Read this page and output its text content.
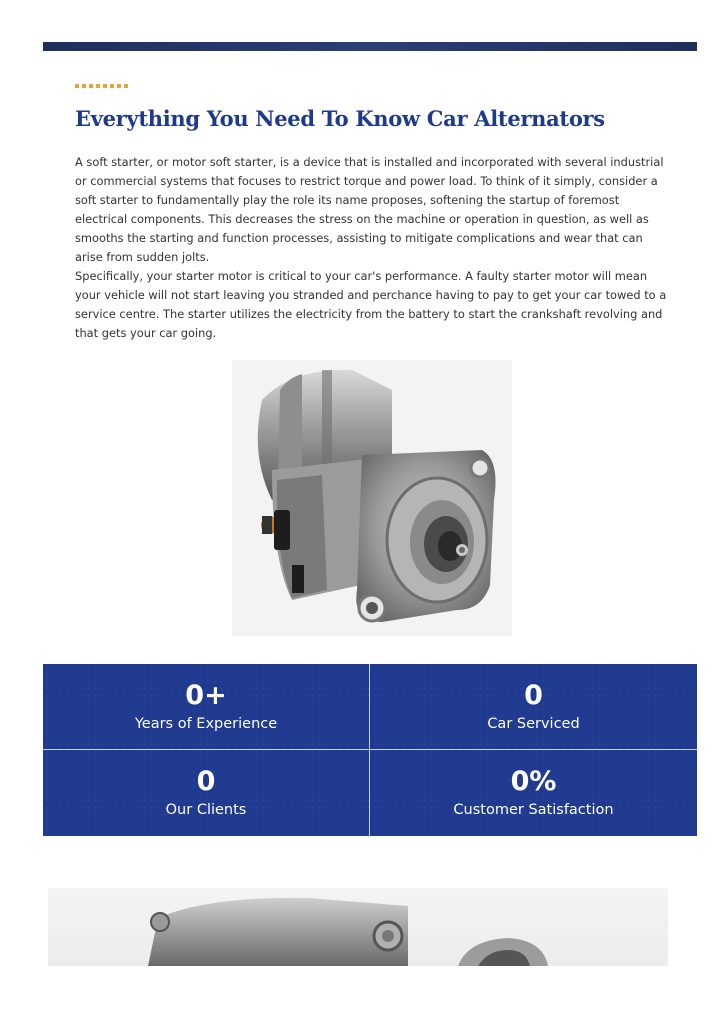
Everything You Need To Know Car Alternators

A soft starter, or motor soft starter, is a device that is installed and incorporated with several industrial or commercial systems that focuses to restrict torque and power load. To think of it simply, consider a soft starter to fundamentally play the role its name proposes, softening the startup of foremost electrical components. This decreases the stress on the machine or operation in question, as well as smooths the starting and function processes, assisting to mitigate complications and wear that can arise from sudden jolts.

Specifically, your starter motor is critical to your car's performance. A faulty starter motor will mean your vehicle will not start leaving you stranded and perchance having to pay to get your car towed to a service centre. The starter utilizes the electricity from the battery to start the crankshaft revolving and that gets your car going.

0+
Years of Experience
0
Car Serviced
0
Our Clients
0%
Customer Satisfaction
